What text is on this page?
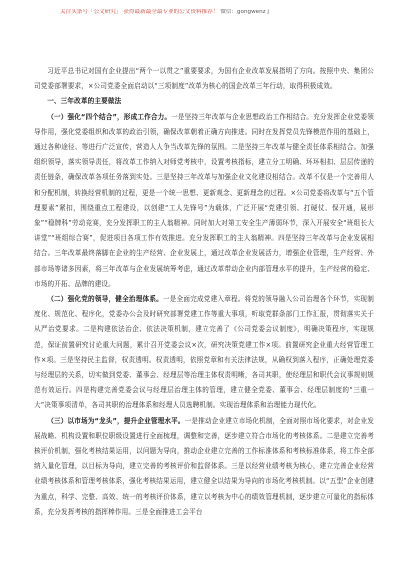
关注头条号「公文研究」 获得最新最全最专业的公文资料推荐！ 微信：gongwenz j

习近平总书记对国有企业提出“两个一以贯之”重要要求，为国有企业改革发展指明了方向。按照中央、集团公司党委部署要求，×公司党委全面启动以“三项制度”改革为核心的国企改革三年行动，取得积极成效。

一、三年改革的主要做法

（一）强化“四个结合”，形成工作合力。一是坚持三年改革与企业思想政治工作相结合。充分发挥企业党委领导作用，强化党委组织和改革的政治引领，确保改革朝着正确方向推进。同时在发挥党员先锋模范作用的基础上，通过各种途径、等进行广泛宣传，营造人人争当改革先锋的氛围。二是坚持三年改革与健全责任体系相结合。加强组织领导，落实领导责任，将改革工作纳入对师党考核中，设置考核指标，建立分工明确、环环相扣、层层传递的责任链条，确保改革各项任务落到实处。三是坚持三年改革与加强企业文化建设相结合。改革不仅是一个完善用人和分配机制，转换经营机制的过程，更是一个统一思想、更新观念、更新理念的过程。×公司党委将改革与“五个管理要素”紧扣，围绕重点工程建设，以创建“工人先锋号”为载体，广泛开展“党建引领、打硬仗、保开通，展形象”“稳牌科”劳动竞赛，充分发挥职工的主人翁精神。同时加大对第工安全生产薄弱环节，深入开展安全“班组长大讲堂”“班组综合赛”，促进项目各项工作有效推进。充分发挥职工的主人翁精神。四是坚持三年改革与企业发展相结合。三年改革最终落脚在企业的生产经营、企业发展上，通过改革企业发展活力，增强企业管理，生产经营、外部市场等诸多因素，将三年改革与企业发展统筹考虑，通过改革带动企业内部管理水平的提升，生产经营的稳定、市场的开拓、品牌的建设。

（二）强化党的领导，健全治理体系。一是全面完成党建入章程。将党的领导融入公司治理各个环节，实现制度化、规范化、程序化，党委办公会及时研究部署党建工作等重大事项，听取党群条部门工作汇报，贯彻落实关于从严治党要求。二是构建依法治企、依法决策机制，建立完善了《公司党委会议制度》，明确决策程序，实现规范，保证前置研究讨论重大问题，累计召开党委会议×次，研究决策党建工作×项。前置研究企业重大经营管理工作×项。三是坚持民主监督，权责透明。权责透明，依照党章和有关法律法规，从确权到落入程序，正确处理党委与经理层的关系，切实做到党委、董事会、经理层等治理主体权责明晰，各司其职，使经理层和职代会议事规则规范有效运行。四是构建完善党委会议与经理层治理主体的管理，建立健全党委、董事会、经理层制度的“三重一大”决策事项清单，各司其职的治理体系和经理人员选聘机制。实现治理体系和治理能力现代化。

（三）以市场为“龙头”，提升企业管理水平。一是推动企业建立市场化机制，全面对照市场化要求，对企业发展战略、机构设置和职位职级设置进行全面梳理，调整和完善，逐步建立符合市场化的考核体系。二是建立完善考核评价机制，强化考核结果运用，以问题为导向，推动企业建立完善的工作标准体系和考核标准体系，将工作全部纳入量化管理，以目标为导向，建立完善的考核评价和监督体系。三是以经营业绩考核为核心，建立完善企业经营业绩考核体系和管理考核体系，强化考核结果运用，建立健全以结果为导向的市场化考核机制。以“五型”企业创建为重点，科学、完整、高效、统一的考核评价体系，建立以考核为中心的绩效管理机制，逐步建立可量化的指标体系，充分发挥考核的指挥棒作用。三是全面推进工会平台
